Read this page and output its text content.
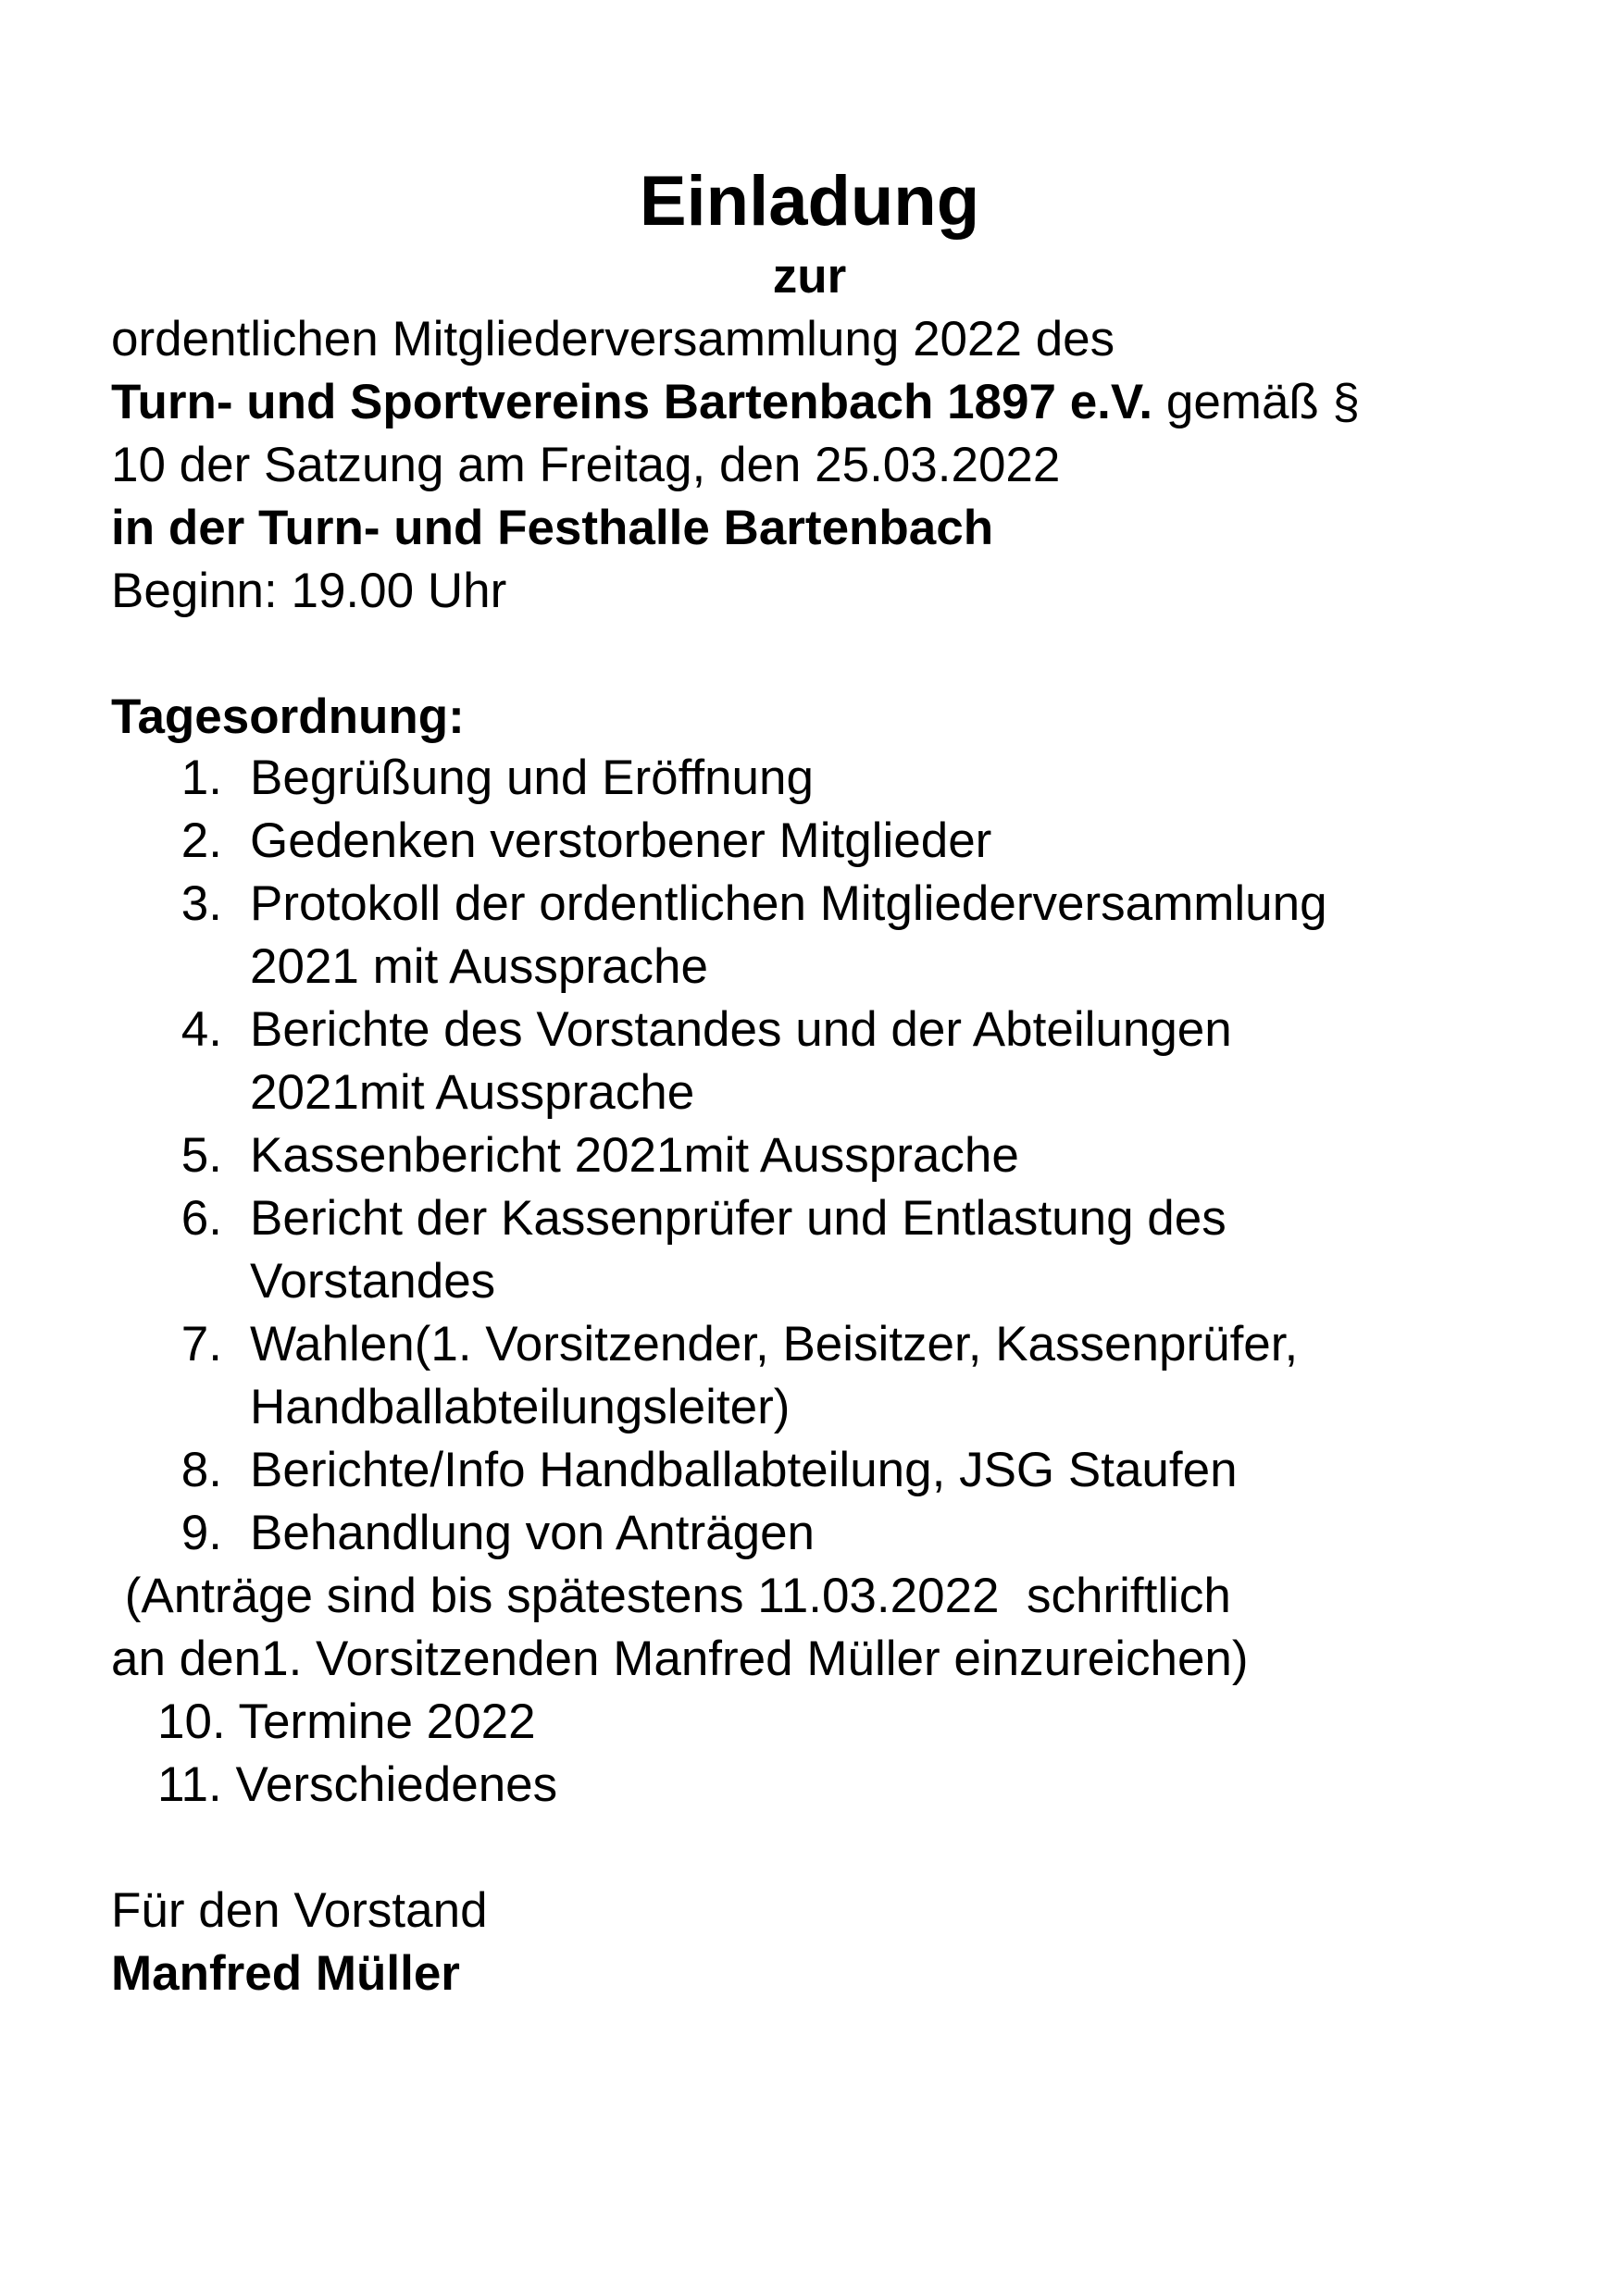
Einladung
zur
ordentlichen Mitgliederversammlung 2022 des
Turn- und Sportvereins Bartenbach 1897 e.V. gemäß §
10 der Satzung am Freitag, den 25.03.2022
in der Turn- und Festhalle Bartenbach
Beginn: 19.00 Uhr
Tagesordnung:
1. Begrüßung und Eröffnung
2. Gedenken verstorbener Mitglieder
3. Protokoll der ordentlichen Mitgliederversammlung
2021 mit Aussprache
4. Berichte des Vorstandes und der Abteilungen
2021mit Aussprache
5. Kassenbericht 2021mit Aussprache
6. Bericht der Kassenprüfer und Entlastung des
Vorstandes
7. Wahlen(1. Vorsitzender, Beisitzer, Kassenprüfer,
Handballabteilungsleiter)
8. Berichte/Info Handballabteilung, JSG Staufen
9. Behandlung von Anträgen
(Anträge sind bis spätestens 11.03.2022  schriftlich
an den1. Vorsitzenden Manfred Müller einzureichen)
10. Termine 2022
11. Verschiedenes
Für den Vorstand
Manfred Müller
